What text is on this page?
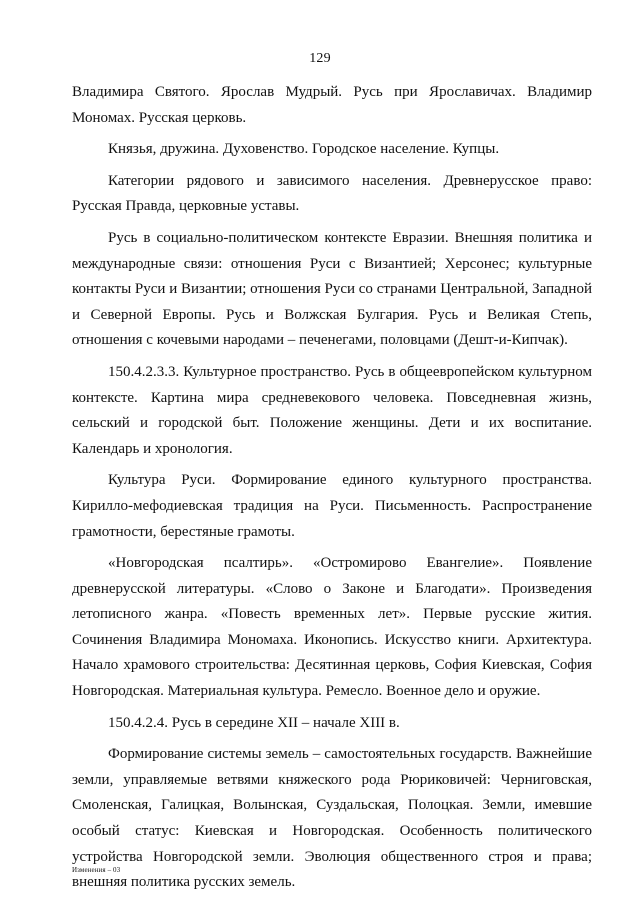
129

Владимира Святого. Ярослав Мудрый. Русь при Ярославичах. Владимир Мономах. Русская церковь.

Князья, дружина. Духовенство. Городское население. Купцы.

Категории рядового и зависимого населения. Древнерусское право: Русская Правда, церковные уставы.

Русь в социально-политическом контексте Евразии. Внешняя политика и международные связи: отношения Руси с Византией; Херсонес; культурные контакты Руси и Византии; отношения Руси со странами Центральной, Западной и Северной Европы. Русь и Волжская Булгария. Русь и Великая Степь, отношения с кочевыми народами – печенегами, половцами (Дешт-и-Кипчак).

150.4.2.3.3. Культурное пространство. Русь в общеевропейском культурном контексте. Картина мира средневекового человека. Повседневная жизнь, сельский и городской быт. Положение женщины. Дети и их воспитание. Календарь и хронология.

Культура Руси. Формирование единого культурного пространства. Кирилло-мефодиевская традиция на Руси. Письменность. Распространение грамотности, берестяные грамоты.

«Новгородская псалтирь». «Остромирово Евангелие». Появление древнерусской литературы. «Слово о Законе и Благодати». Произведения летописного жанра. «Повесть временных лет». Первые русские жития. Сочинения Владимира Мономаха. Иконопись. Искусство книги. Архитектура. Начало храмового строительства: Десятинная церковь, София Киевская, София Новгородская. Материальная культура. Ремесло. Военное дело и оружие.

150.4.2.4. Русь в середине XII – начале XIII в.

Формирование системы земель – самостоятельных государств. Важнейшие земли, управляемые ветвями княжеского рода Рюриковичей: Черниговская, Смоленская, Галицкая, Волынская, Суздальская, Полоцкая. Земли, имевшие особый статус: Киевская и Новгородская. Особенность политического устройства Новгородской земли. Эволюция общественного строя и права; внешняя политика русских земель.

Изменения – 03
